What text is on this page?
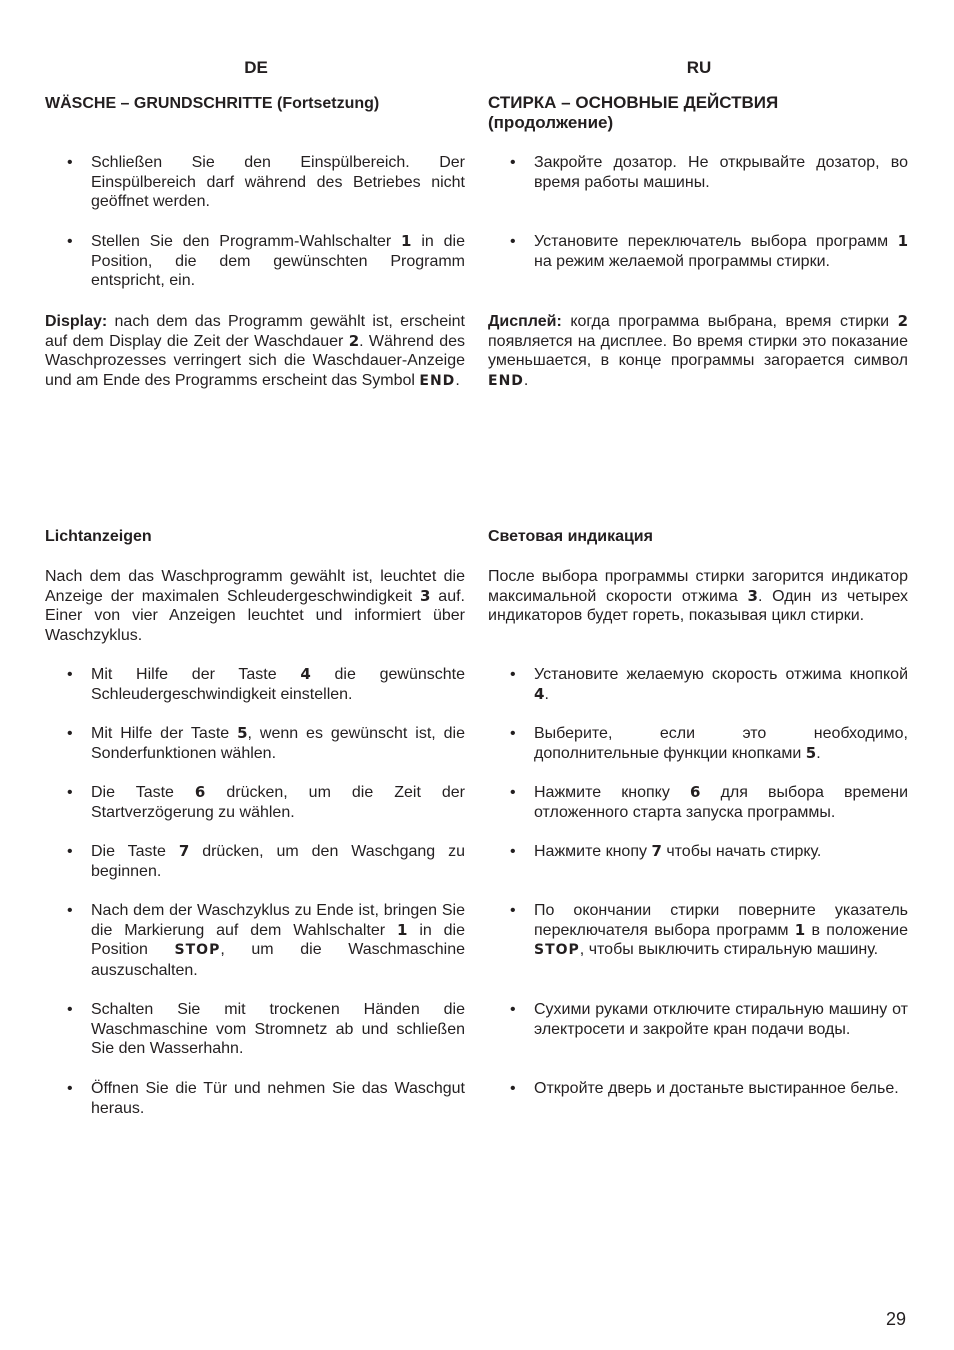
DE	RU
WÄSCHE – GRUNDSCHRITTE (Fortsetzung)
• Schließen Sie den Einspülbereich. Der Einspülbereich darf während des Betriebes nicht geöffnet werden.
• Stellen Sie den Programm-Wahlschalter 1 in die Position, die dem gewünschten Programm entspricht, ein.
Display: nach dem das Programm gewählt ist, erscheint auf dem Display die Zeit der Waschdauer 2. Während des Waschprozesses verringert sich die Waschdauer-Anzeige und am Ende des Programms erscheint das Symbol END.
Lichtanzeigen
Nach dem das Waschprogramm gewählt ist, leuchtet die Anzeige der maximalen Schleudergeschwindigkeit 3 auf. Einer von vier Anzeigen leuchtet und informiert über Waschzyklus.
• Mit Hilfe der Taste 4 die gewünschte Schleudergeschwindigkeit einstellen.
• Mit Hilfe der Taste 5, wenn es gewünscht ist, die Sonderfunktionen wählen.
• Die Taste 6 drücken, um die Zeit der Startverzögerung zu wählen.
• Die Taste 7 drücken, um den Waschgang zu beginnen.
• Nach dem der Waschzyklus zu Ende ist, bringen Sie die Markierung auf dem Wahlschalter 1 in die Position STOP, um die Waschmaschine auszuschalten.
• Schalten Sie mit trockenen Händen die Waschmaschine vom Stromnetz ab und schließen Sie den Wasserhahn.
• Öffnen Sie die Tür und nehmen Sie das Waschgut heraus.
СТИРКА – ОСНОВНЫЕ ДЕЙСТВИЯ
(продолжение)
• Закройте дозатор. Не открывайте дозатор, во время работы машины.
• Установите переключатель выбора программ 1 на режим желаемой программы стирки.
Дисплей: когда программа выбрана, время стирки 2 появляется на дисплее. Во время стирки это показание уменьшается, в конце программы загорается символ END.
Световая индикация
После выбора программы стирки загорится индикатор максимальной скорости отжима 3. Один из четырех индикаторов будет гореть, показывая цикл стирки.
• Установите желаемую скорость отжима кнопкой 4.
• Выберите, если это необходимо, дополнительные функции кнопками 5.
• Нажмите кнопку 6 для выбора времени отложенного старта запуска программы.
• Нажмите кнопу 7 чтобы начать стирку.
• По окончании стирки поверните указатель переключателя выбора программ 1 в положение STOP, чтобы выключить стиральную машину.
• Сухими руками отключите стиральную машину от электросети и закройте кран подачи воды.
• Откройте дверь и достаньте выстиранное белье.
29
